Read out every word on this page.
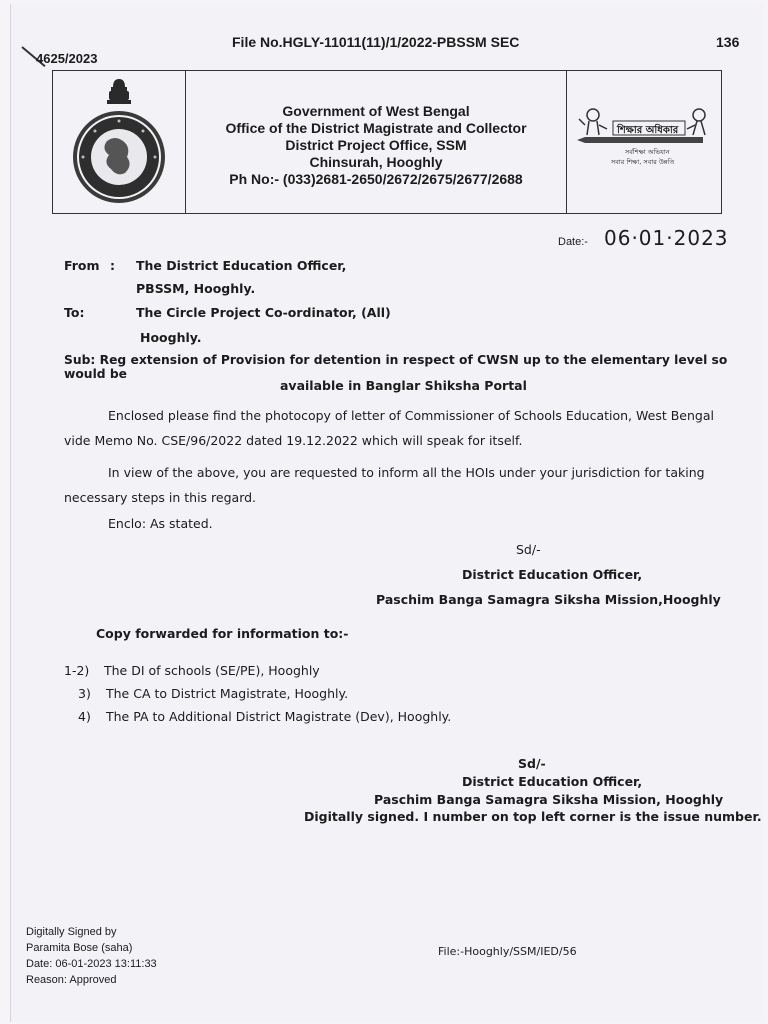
File No.HGLY-11011(11)/1/2022-PBSSM SEC	136
4625/2023
Government of West Bengal
Office of the District Magistrate and Collector
District Project Office, SSM
Chinsurah, Hooghly
Ph No:- (033)2681-2650/2672/2675/2677/2688
শিক্ষার অধিকার
সর্বশিক্ষা অভিযান
সবার শিক্ষা, সবার উন্নতি
Date:- 06·01·2023
From : The District Education Officer,
PBSSM, Hooghly.
To:	The Circle Project Co-ordinator, (All)
Hooghly.
Sub: Reg extension of Provision for detention in respect of CWSN up to the elementary level so would be
available in Banglar Shiksha Portal
Enclosed please find the photocopy of letter of Commissioner of Schools Education, West Bengal
vide Memo No. CSE/96/2022 dated 19.12.2022 which will speak for itself.
In view of the above, you are requested to inform all the HOIs under your jurisdiction for taking
necessary steps in this regard.
Enclo: As stated.
Sd/-
District Education Officer,
Paschim Banga Samagra Siksha Mission,Hooghly
Copy forwarded for information to:-
1-2) The DI of schools (SE/PE), Hooghly
3) The CA to District Magistrate, Hooghly.
4) The PA to Additional District Magistrate (Dev), Hooghly.
Sd/-
District Education Officer,
Paschim Banga Samagra Siksha Mission, Hooghly
Digitally signed. I number on top left corner is the issue number.
Digitally Signed by
Paramita Bose (saha)
Date: 06-01-2023 13:11:33
Reason: Approved
File:-Hooghly/SSM/IED/56
